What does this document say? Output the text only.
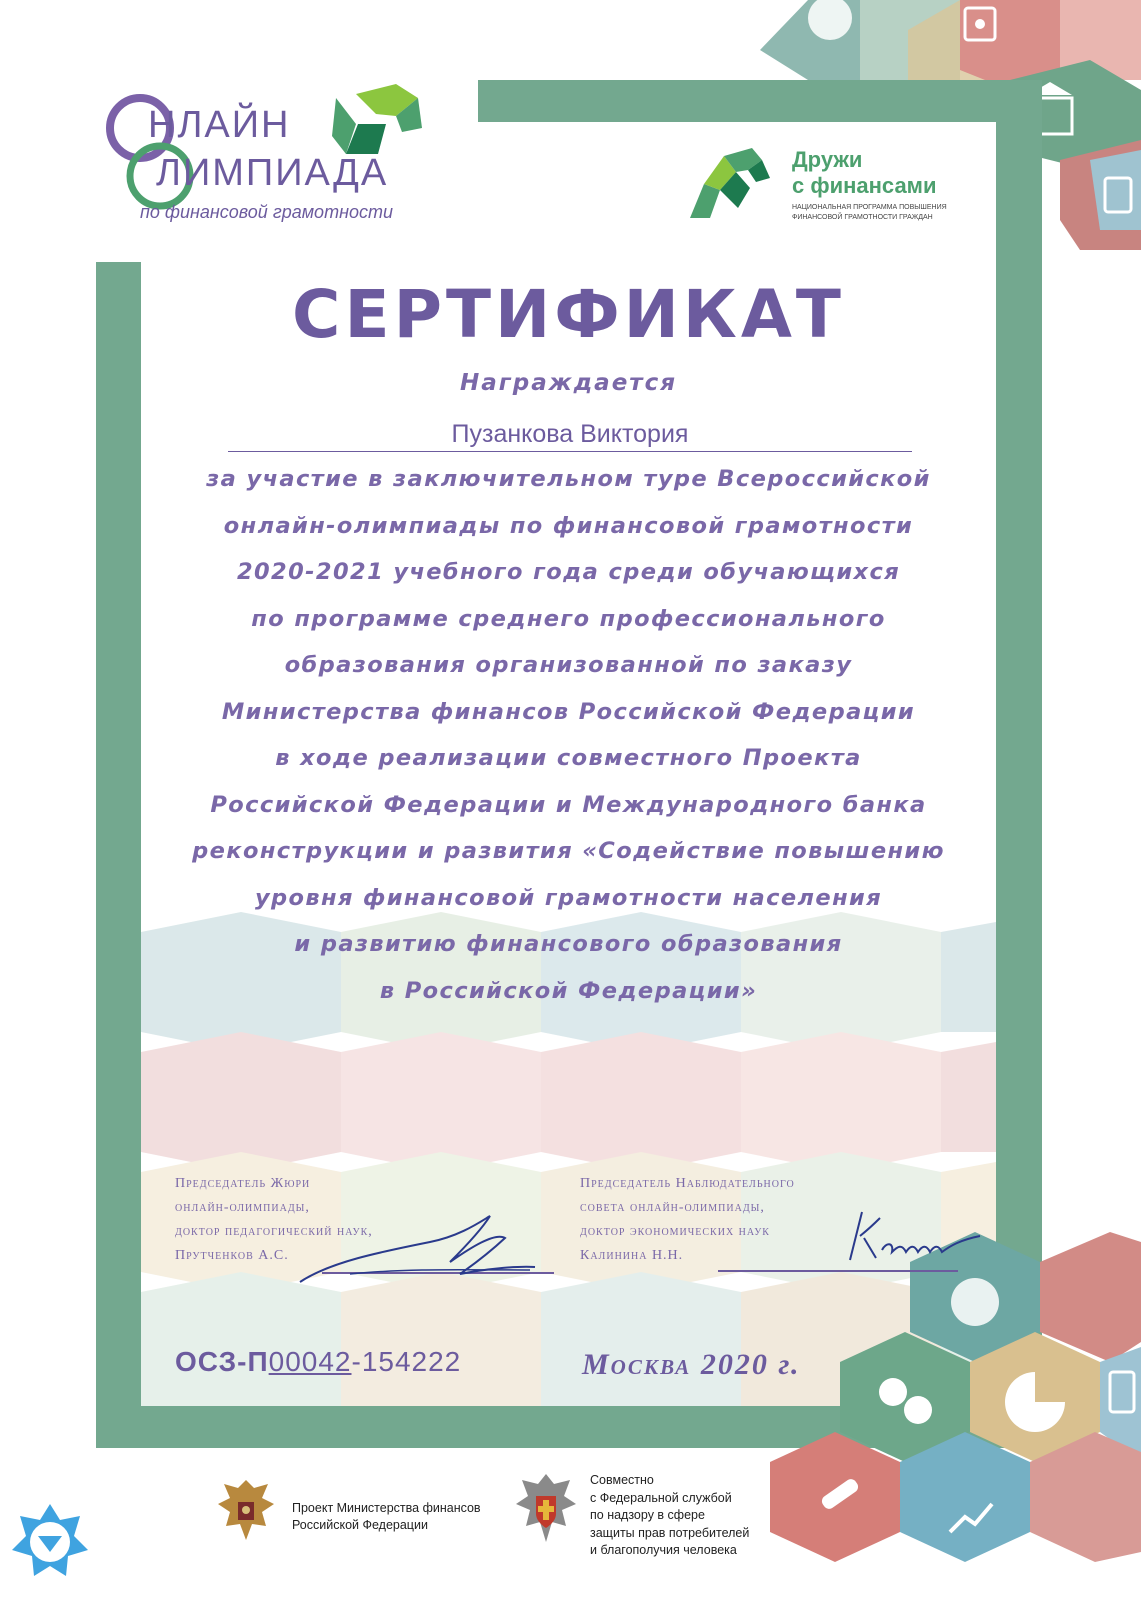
НЛАЙН
ЛИМПИАДА
по финансовой грамотности
Дружи
с финансами
НАЦИОНАЛЬНАЯ ПРОГРАММА ПОВЫШЕНИЯ
ФИНАНСОВОЙ ГРАМОТНОСТИ ГРАЖДАН
СЕРТИФИКАТ
Награждается
Пузанкова Виктория
за участие в заключительном туре Всероссийской
онлайн-олимпиады по финансовой грамотности
2020-2021 учебного года среди обучающихся
по программе среднего профессионального
образования организованной по заказу
Министерства финансов Российской Федерации
в ходе реализации совместного Проекта
Российской Федерации и Международного банка
реконструкции и развития «Содействие повышению
уровня финансовой грамотности населения
и развитию финансового образования
в Российской Федерации»
Председатель Жюри
онлайн-олимпиады,
доктор педагогический наук,
Прутченков А.С.
Председатель Наблюдательного
совета онлайн-олимпиады,
доктор экономических наук
Калинина Н.Н.
ОСЗ-П00042-154222	Москва 2020 г.
Проект Министерства финансов
Российской Федерации
Совместно
с Федеральной службой
по надзору в сфере
защиты прав потребителей
и благополучия человека
